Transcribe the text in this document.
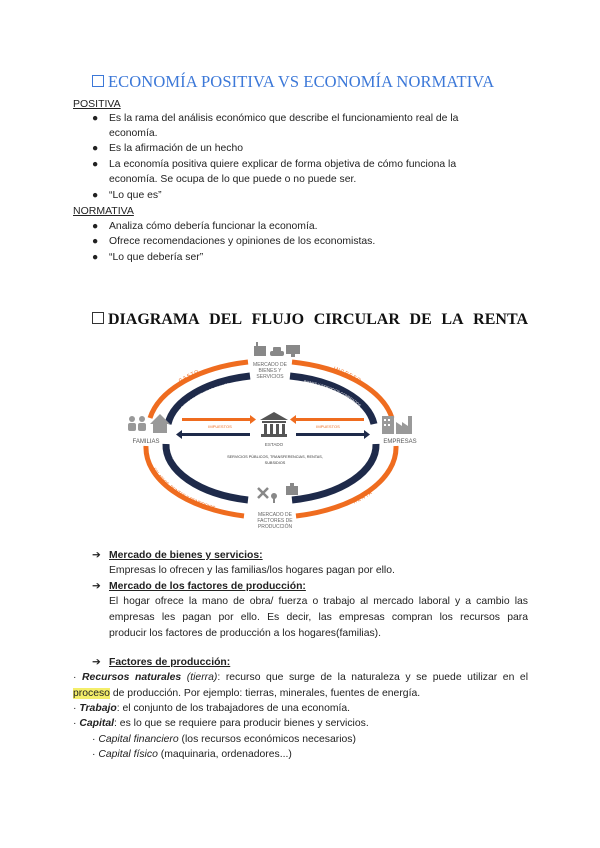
ECONOMÍA POSITIVA VS ECONOMÍA NORMATIVA
POSITIVA
● Es la rama del análisis económico que describe el funcionamiento real de la
economía.
● Es la afirmación de un hecho
● La economía positiva quiere explicar de forma objetiva de cómo funciona la
economía. Se ocupa de lo que puede o no puede ser.
● “Lo que es”
NORMATIVA
● Analiza cómo debería funcionar la economía.
● Ofrece recomendaciones y opiniones de los economistas.
● “Lo que debería ser”
DIAGRAMA DEL FLUJO CIRCULAR DE LA RENTA
GASTO	INGRESO
SALARIOS, RENTAS Y BENEFICIOS
RENTA
BIENES Y SERVICIOS FINALES
BIENES Y SERVICIOS COMPRADOS
TRABAJO, TIERRA Y CAPITAL
FACTORES DE PRODUCCIÓN
MERCADO DE
BIENES Y
SERVICIOS
FAMILIAS	EMPRESAS
ESTADO
IMPUESTOS	IMPUESTOS
SERVICIOS PÚBLICOS, TRANSFERENCIAS, RENTAS,
SUBSIDIOS
MERCADO DE
FACTORES DE
PRODUCCIÓN
➔ Mercado de bienes y servicios:
Empresas lo ofrecen y las familias/los hogares pagan por ello.
➔ Mercado de los factores de producción:
El hogar ofrece la mano de obra/ fuerza o trabajo al mercado laboral y a cambio las
empresas les pagan por ello. Es decir, las empresas compran los recursos para
producir los factores de producción a los hogares(familias).
➔ Factores de producción:
· Recursos naturales (tierra): recurso que surge de la naturaleza y se puede utilizar en el
proceso de producción. Por ejemplo: tierras, minerales, fuentes de energía.
· Trabajo: el conjunto de los trabajadores de una economía.
· Capital: es lo que se requiere para producir bienes y servicios.
· Capital financiero (los recursos económicos necesarios)
· Capital físico (maquinaria, ordenadores...)
